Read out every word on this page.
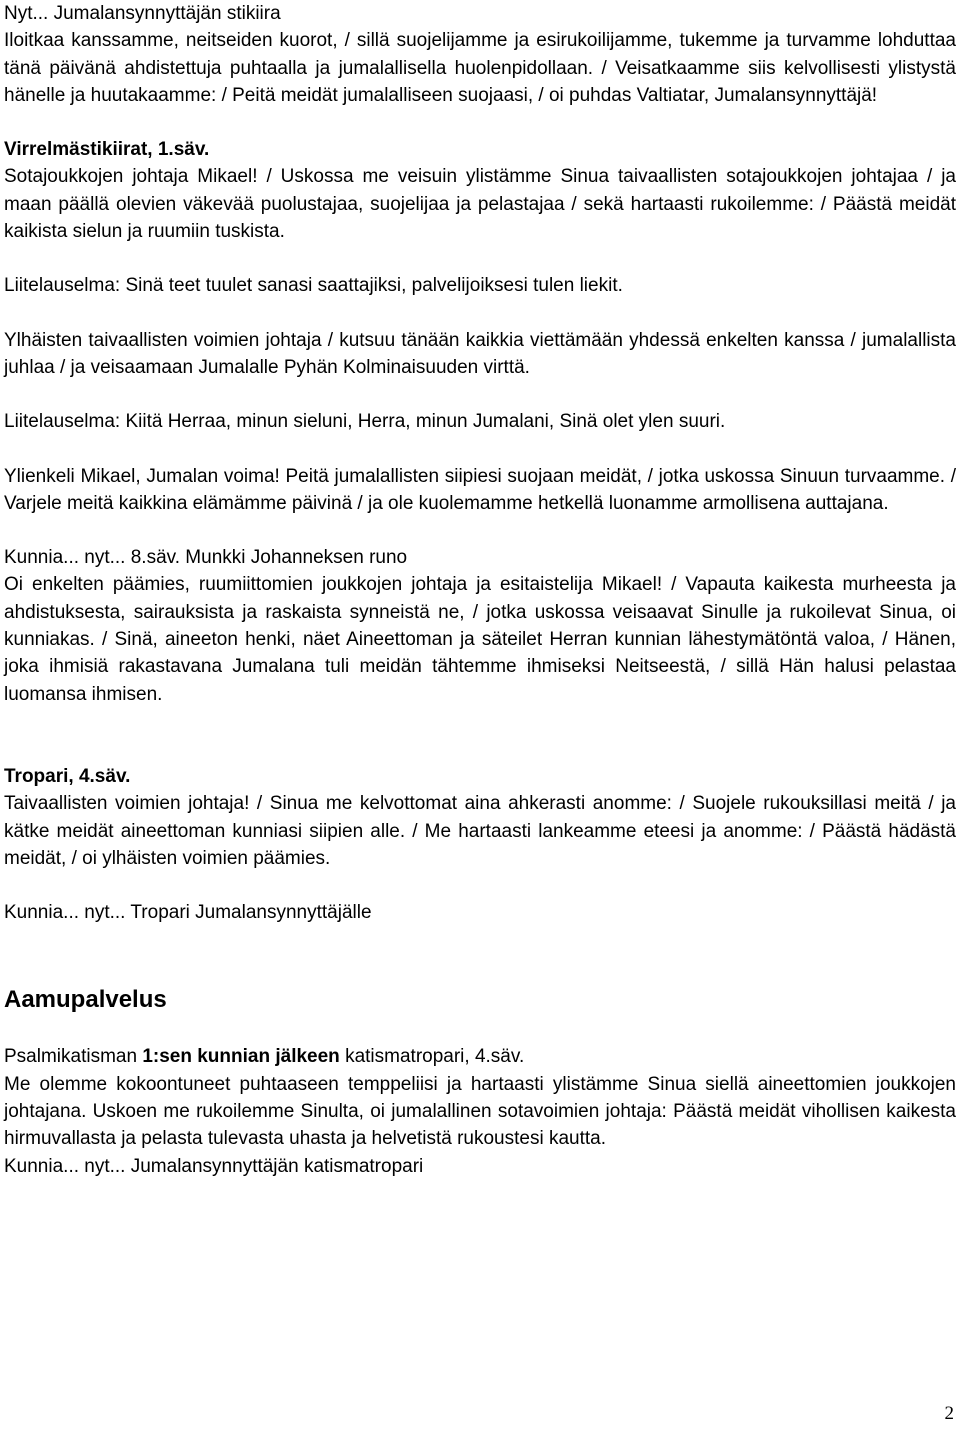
Nyt... Jumalansynnyttäjän stikiira

Iloitkaa kanssamme, neitseiden kuorot, / sillä suojelijamme ja esirukoilijamme, tukemme ja turvamme lohduttaa tänä päivänä ahdistettuja puhtaalla ja jumalallisella huolenpidollaan. / Veisatkaamme siis kelvollisesti ylistystä hänelle ja huutakaamme: / Peitä meidät jumalalliseen suojaasi, / oi puhdas Valtiatar, Jumalansynnyttäjä!

Virrelmästikiirat, 1.säv.

Sotajoukkojen johtaja Mikael! / Uskossa me veisuin ylistämme Sinua taivaallisten sotajoukkojen johtajaa / ja maan päällä olevien väkevää puolustajaa, suojelijaa ja pelastajaa / sekä hartaasti rukoilemme: / Päästä meidät kaikista sielun ja ruumiin tuskista.

Liitelauselma: Sinä teet tuulet sanasi saattajiksi, palvelijoiksesi tulen liekit.

Ylhäisten taivaallisten voimien johtaja / kutsuu tänään kaikkia viettämään yhdessä enkelten kanssa / jumalallista juhlaa / ja veisaamaan Jumalalle Pyhän Kolminaisuuden virttä.

Liitelauselma: Kiitä Herraa, minun sieluni, Herra, minun Jumalani, Sinä olet ylen suuri.

Ylienkeli Mikael, Jumalan voima! Peitä jumalallisten siipiesi suojaan meidät, / jotka uskossa Sinuun turvaamme. / Varjele meitä kaikkina elämämme päivinä / ja ole kuolemamme hetkellä luonamme armollisena auttajana.

Kunnia... nyt... 8.säv. Munkki Johanneksen runo

Oi enkelten päämies, ruumiittomien joukkojen johtaja ja esitaistelija Mikael! / Vapauta kaikesta murheesta ja ahdistuksesta, sairauksista ja raskaista synneistä ne, / jotka uskossa veisaavat Sinulle ja rukoilevat Sinua, oi kunniakas. / Sinä, aineeton henki, näet Aineettoman ja säteilet Herran kunnian lähestymätöntä valoa, / Hänen, joka ihmisiä rakastavana Jumalana tuli meidän tähtemme ihmiseksi Neitseestä, / sillä Hän halusi pelastaa luomansa ihmisen.

Tropari, 4.säv.

Taivaallisten voimien johtaja! / Sinua me kelvottomat aina ahkerasti anomme: / Suojele rukouksillasi meitä / ja kätke meidät aineettoman kunniasi siipien alle. / Me hartaasti lankeamme eteesi ja anomme: / Päästä hädästä meidät, / oi ylhäisten voimien päämies.

Kunnia... nyt... Tropari Jumalansynnyttäjälle

Aamupalvelus

Psalmikatisman 1:sen kunnian jälkeen katismatropari, 4.säv.

Me olemme kokoontuneet puhtaaseen temppeliisi ja hartaasti ylistämme Sinua siellä aineettomien joukkojen johtajana. Uskoen me rukoilemme Sinulta, oi jumalallinen sotavoimien johtaja: Päästä meidät vihollisen kaikesta hirmuvallasta ja pelasta tulevasta uhasta ja helvetistä rukoustesi kautta.

Kunnia... nyt... Jumalansynnyttäjän katismatropari

2
